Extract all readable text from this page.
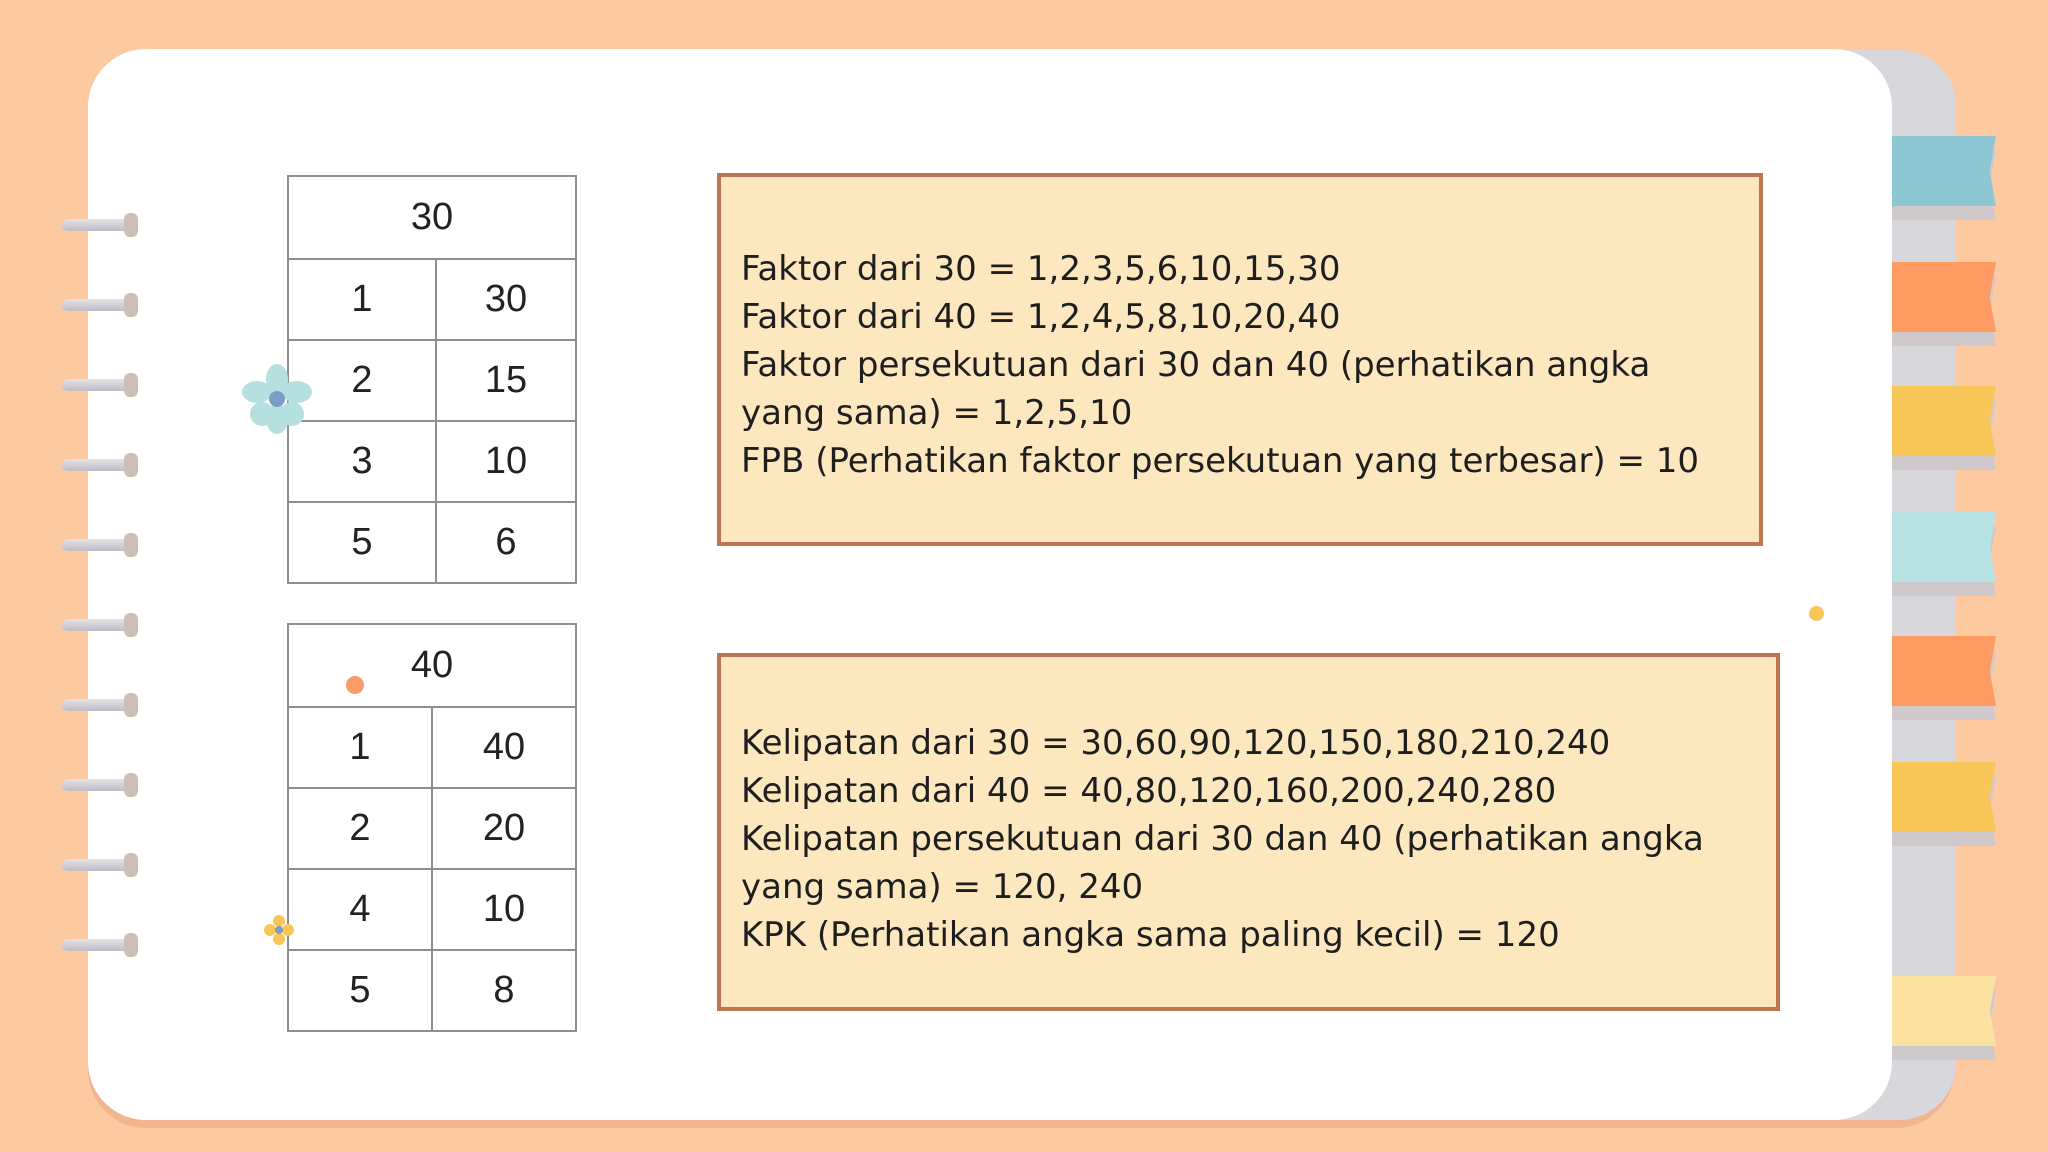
30	
1	30
2	15
3	10
5	6
40	
1	40
2	20
4	10
5	8
Faktor dari 30 = 1,2,3,5,6,10,15,30
Faktor dari 40 = 1,2,4,5,8,10,20,40
Faktor persekutuan dari 30 dan 40 (perhatikan angka
yang sama) = 1,2,5,10
FPB (Perhatikan faktor persekutuan yang terbesar) = 10
Kelipatan dari 30 = 30,60,90,120,150,180,210,240
Kelipatan dari 40 = 40,80,120,160,200,240,280
Kelipatan persekutuan dari 30 dan 40 (perhatikan angka
yang sama) = 120, 240
KPK (Perhatikan angka sama paling kecil) = 120
